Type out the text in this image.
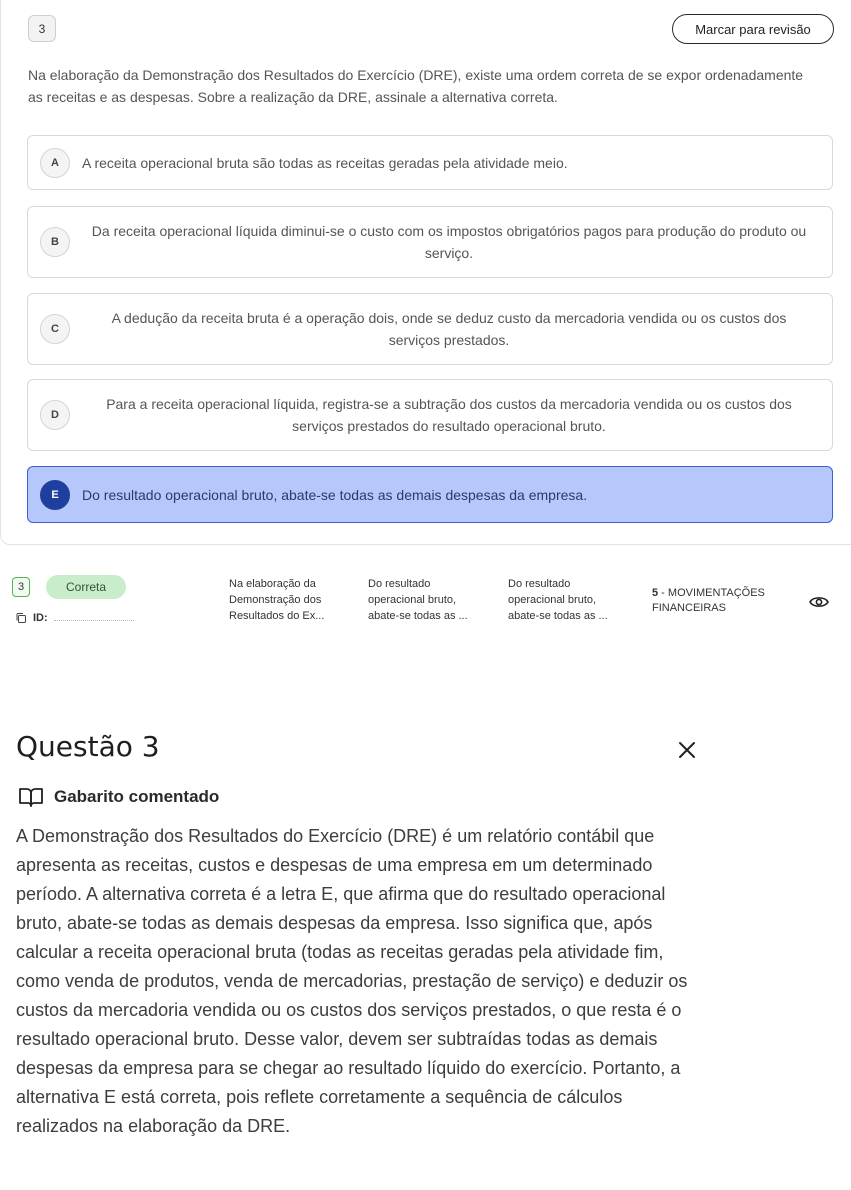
3	Marcar para revisão

Na elaboração da Demonstração dos Resultados do Exercício (DRE), existe uma ordem correta de se expor ordenadamente as receitas e as despesas. Sobre a realização da DRE, assinale a alternativa correta.

A	A receita operacional bruta são todas as receitas geradas pela atividade meio.
B
Da receita operacional líquida diminui-se o custo com os impostos obrigatórios pagos para produção do produto ou serviço.
C
A dedução da receita bruta é a operação dois, onde se deduz custo da mercadoria vendida ou os custos dos serviços prestados.
D
Para a receita operacional líquida, registra-se a subtração dos custos da mercadoria vendida ou os custos dos serviços prestados do resultado operacional bruto.
E	Do resultado operacional bruto, abate-se todas as demais despesas da empresa.
3	Correta
ID:
Na elaboração da Demonstração dos Resultados do Ex...
Do resultado operacional bruto, abate-se todas as ...
Do resultado operacional bruto, abate-se todas as ...
5 - MOVIMENTAÇÕES FINANCEIRAS
Questão 3
Gabarito comentado

A Demonstração dos Resultados do Exercício (DRE) é um relatório contábil que apresenta as receitas, custos e despesas de uma empresa em um determinado período. A alternativa correta é a letra E, que afirma que do resultado operacional bruto, abate-se todas as demais despesas da empresa. Isso significa que, após calcular a receita operacional bruta (todas as receitas geradas pela atividade fim, como venda de produtos, venda de mercadorias, prestação de serviço) e deduzir os custos da mercadoria vendida ou os custos dos serviços prestados, o que resta é o resultado operacional bruto. Desse valor, devem ser subtraídas todas as demais despesas da empresa para se chegar ao resultado líquido do exercício. Portanto, a alternativa E está correta, pois reflete corretamente a sequência de cálculos realizados na elaboração da DRE.
